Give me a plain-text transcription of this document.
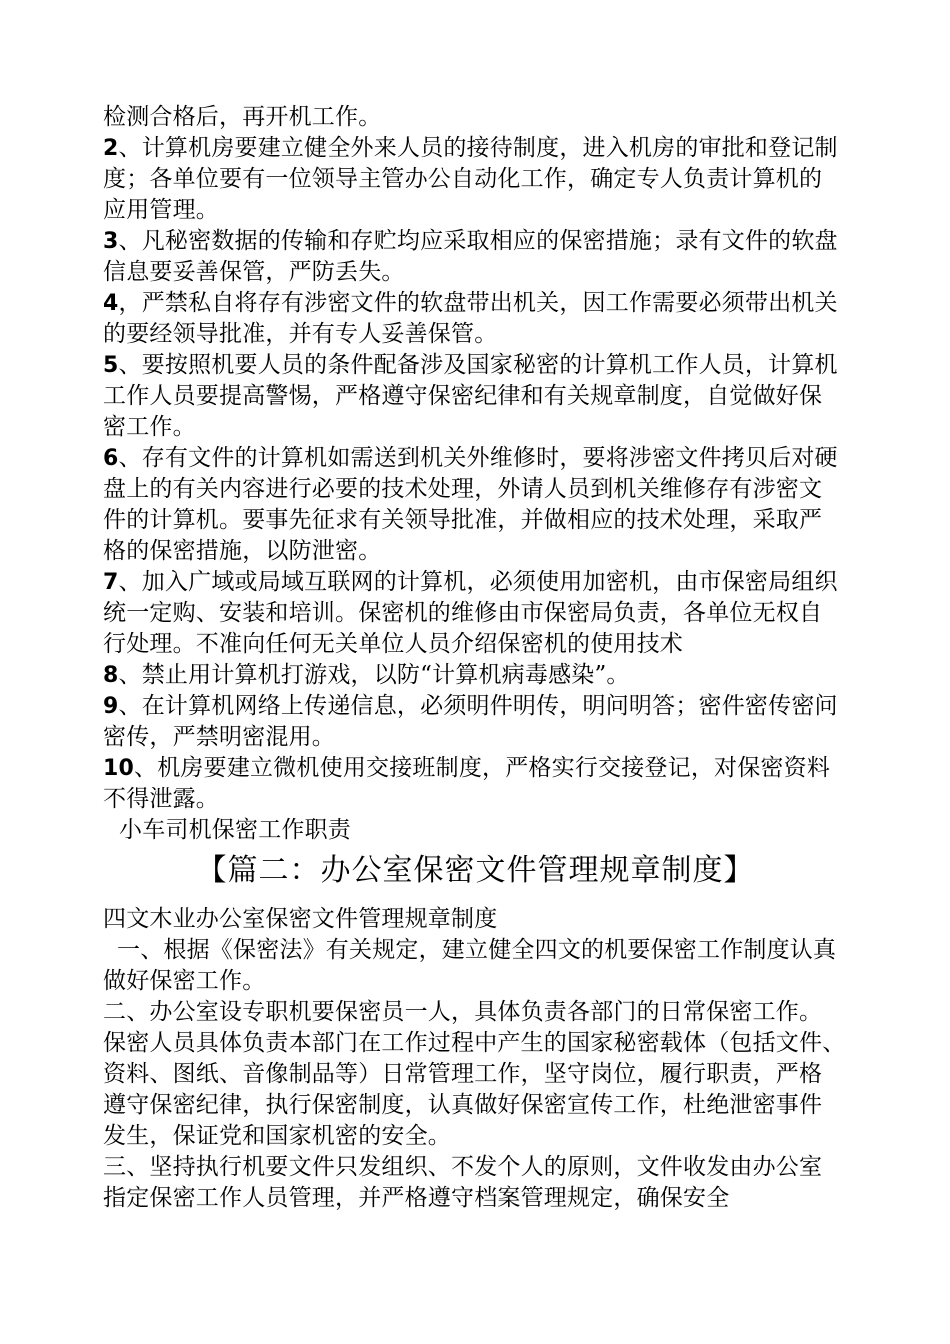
检测合格后，再开机工作。
2、计算机房要建立健全外来人员的接待制度，进入机房的审批和登记制
度；各单位要有一位领导主管办公自动化工作，确定专人负责计算机的
应用管理。
3、凡秘密数据的传输和存贮均应采取相应的保密措施；录有文件的软盘
信息要妥善保管，严防丢失。
4，严禁私自将存有涉密文件的软盘带出机关，因工作需要必须带出机关
的要经领导批准，并有专人妥善保管。
5、要按照机要人员的条件配备涉及国家秘密的计算机工作人员，计算机
工作人员要提高警惕，严格遵守保密纪律和有关规章制度，自觉做好保
密工作。
6、存有文件的计算机如需送到机关外维修时，要将涉密文件拷贝后对硬
盘上的有关内容进行必要的技术处理，外请人员到机关维修存有涉密文
件的计算机。要事先征求有关领导批准，并做相应的技术处理，采取严
格的保密措施，以防泄密。
7、加入广域或局域互联网的计算机，必须使用加密机，由市保密局组织
统一定购、安装和培训。保密机的维修由市保密局负责，各单位无权自
行处理。不准向任何无关单位人员介绍保密机的使用技术
8、禁止用计算机打游戏，以防“计算机病毒感染”。
9、在计算机网络上传递信息，必须明件明传，明问明答；密件密传密问
密传，严禁明密混用。
10、机房要建立微机使用交接班制度，严格实行交接登记，对保密资料
不得泄露。
小车司机保密工作职责
【篇二：办公室保密文件管理规章制度】
四文木业办公室保密文件管理规章制度
一、根据《保密法》有关规定，建立健全四文的机要保密工作制度认真
做好保密工作。
二、办公室设专职机要保密员一人，具体负责各部门的日常保密工作。
保密人员具体负责本部门在工作过程中产生的国家秘密载体（包括文件、
资料、图纸、音像制品等）日常管理工作，坚守岗位，履行职责，严格
遵守保密纪律，执行保密制度，认真做好保密宣传工作，杜绝泄密事件
发生，保证党和国家机密的安全。
三、坚持执行机要文件只发组织、不发个人的原则，文件收发由办公室
指定保密工作人员管理，并严格遵守档案管理规定，确保安全
